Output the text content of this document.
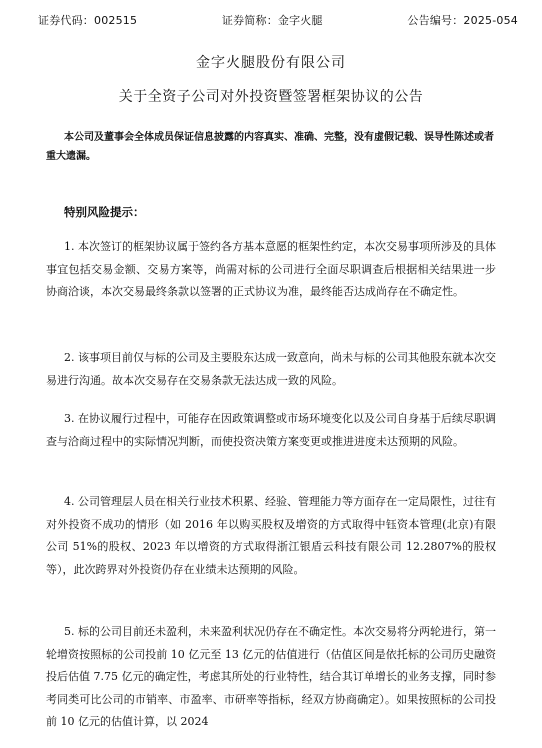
证券代码：002515	证券简称：金字火腿	公告编号：2025-054
金字火腿股份有限公司
关于全资子公司对外投资暨签署框架协议的公告
本公司及董事会全体成员保证信息披露的内容真实、准确、完整，没有虚假记载、误导性陈述或者重大遗漏。
特别风险提示：
1. 本次签订的框架协议属于签约各方基本意愿的框架性约定，本次交易事项所涉及的具体事宜包括交易金额、交易方案等，尚需对标的公司进行全面尽职调查后根据相关结果进一步协商洽谈，本次交易最终条款以签署的正式协议为准，最终能否达成尚存在不确定性。
2. 该事项目前仅与标的公司及主要股东达成一致意向，尚未与标的公司其他股东就本次交易进行沟通。故本次交易存在交易条款无法达成一致的风险。
3. 在协议履行过程中，可能存在因政策调整或市场环境变化以及公司自身基于后续尽职调查与洽商过程中的实际情况判断，而使投资决策方案变更或推进进度未达预期的风险。
4. 公司管理层人员在相关行业技术积累、经验、管理能力等方面存在一定局限性，过往有对外投资不成功的情形（如 2016 年以购买股权及增资的方式取得中钰资本管理(北京)有限公司 51%的股权、2023 年以增资的方式取得浙江银盾云科技有限公司 12.2807%的股权等），此次跨界对外投资仍存在业绩未达预期的风险。
5. 标的公司目前还未盈利，未来盈利状况仍存在不确定性。本次交易将分两轮进行，第一轮增资按照标的公司投前 10 亿元至 13 亿元的估值进行（估值区间是依托标的公司历史融资投后估值 7.75 亿元的确定性，考虑其所处的行业特性，结合其订单增长的业务支撑，同时参考同类可比公司的市销率、市盈率、市研率等指标，经双方协商确定）。如果按照标的公司投前 10 亿元的估值计算，以 2024
